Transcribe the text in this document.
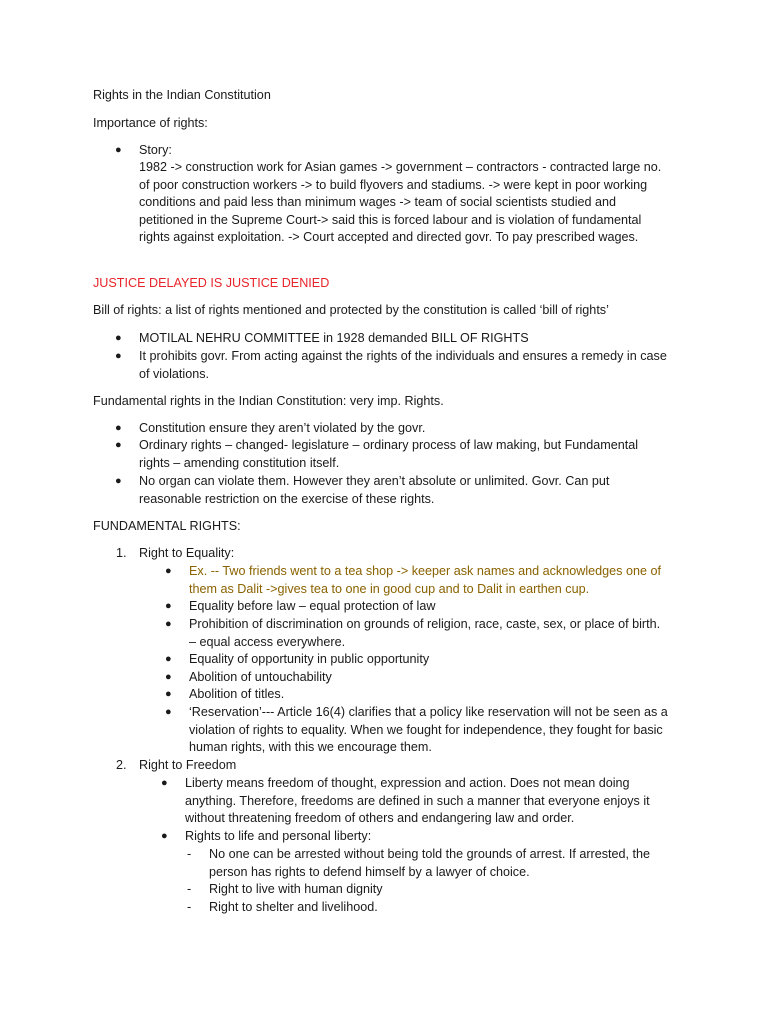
Rights in the Indian Constitution
Importance of rights:
● Story:
1982 -> construction work for Asian games -> government – contractors - contracted large no. of poor construction workers -> to build flyovers and stadiums. -> were kept in poor working conditions and paid less than minimum wages -> team of social scientists studied and petitioned in the Supreme Court-> said this is forced labour and is violation of fundamental rights against exploitation. -> Court accepted and directed govr. To pay prescribed wages.
JUSTICE DELAYED IS JUSTICE DENIED
Bill of rights: a list of rights mentioned and protected by the constitution is called ‘bill of rights’
● MOTILAL NEHRU COMMITTEE in 1928 demanded BILL OF RIGHTS
● It prohibits govr. From acting against the rights of the individuals and ensures a remedy in case of violations.
Fundamental rights in the Indian Constitution: very imp. Rights.
● Constitution ensure they aren’t violated by the govr.
● Ordinary rights – changed- legislature – ordinary process of law making, but Fundamental rights – amending constitution itself.
● No organ can violate them. However they aren’t absolute or unlimited. Govr. Can put reasonable restriction on the exercise of these rights.
FUNDAMENTAL RIGHTS:
1. Right to Equality:
● Ex. -- Two friends went to a tea shop -> keeper ask names and acknowledges one of them as Dalit ->gives tea to one in good cup and to Dalit in earthen cup.
● Equality before law – equal protection of law
● Prohibition of discrimination on grounds of religion, race, caste, sex, or place of birth. – equal access everywhere.
● Equality of opportunity in public opportunity
● Abolition of untouchability
● Abolition of titles.
● ‘Reservation’--- Article 16(4) clarifies that a policy like reservation will not be seen as a violation of rights to equality. When we fought for independence, they fought for basic human rights, with this we encourage them.
2. Right to Freedom
● Liberty means freedom of thought, expression and action. Does not mean doing anything. Therefore, freedoms are defined in such a manner that everyone enjoys it without threatening freedom of others and endangering law and order.
● Rights to life and personal liberty:
- No one can be arrested without being told the grounds of arrest. If arrested, the person has rights to defend himself by a lawyer of choice.
- Right to live with human dignity
- Right to shelter and livelihood.
